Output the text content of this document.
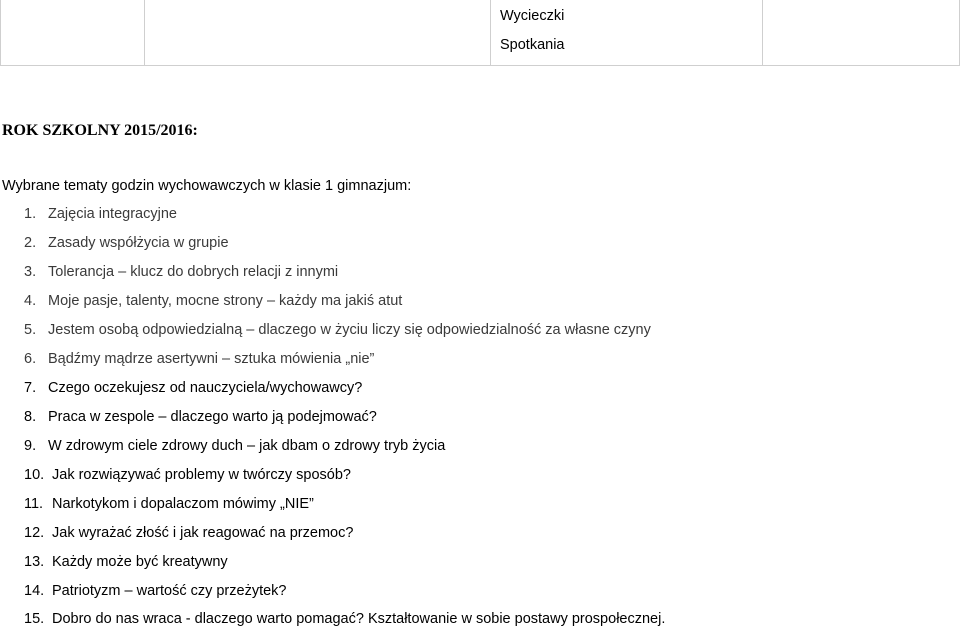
Wycieczki
Spotkania
ROK SZKOLNY 2015/2016:
Wybrane tematy godzin wychowawczych w klasie 1 gimnazjum:
1. Zajęcia integracyjne
2. Zasady współżycia w grupie
3. Tolerancja – klucz do dobrych relacji z innymi
4. Moje pasje, talenty, mocne strony – każdy ma jakiś atut
5. Jestem osobą odpowiedzialną – dlaczego w życiu liczy się odpowiedzialność za własne czyny
6. Bądźmy mądrze asertywni – sztuka mówienia „nie”
7. Czego oczekujesz od nauczyciela/wychowawcy?
8. Praca w zespole – dlaczego warto ją podejmować?
9. W zdrowym ciele zdrowy duch – jak dbam o zdrowy tryb życia
10. Jak rozwiązywać problemy w twórczy sposób?
11. Narkotykom i dopalaczom mówimy „NIE”
12. Jak wyrażać złość i jak reagować na przemoc?
13. Każdy może być kreatywny
14. Patriotyzm – wartość czy przeżytek?
15. Dobro do nas wraca - dlaczego warto pomagać? Kształtowanie w sobie postawy prospołecznej.
